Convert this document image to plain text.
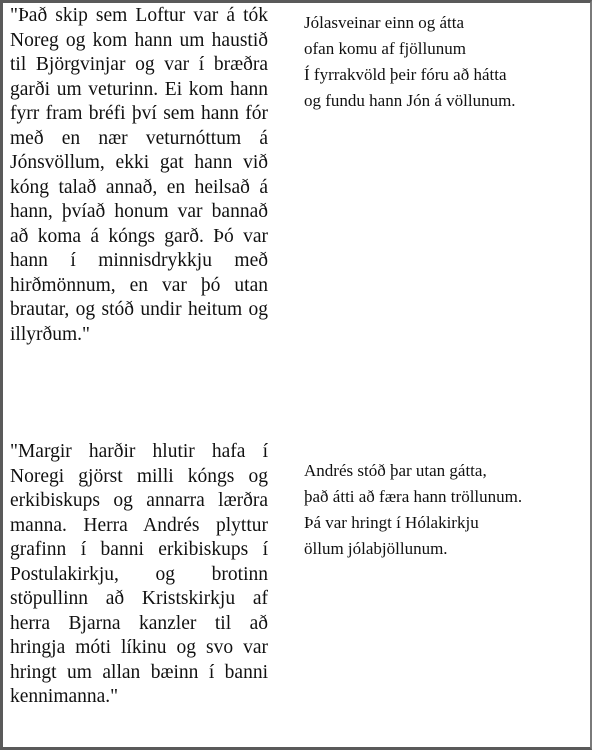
"Það skip sem Loftur var á tók Noreg og kom hann um haustið til Björgvinjar og var í bræðra garði um veturinn. Ei kom hann fyrr fram bréfi því sem hann fór með en nær veturnóttum á Jónsvöllum, ekki gat hann við kóng talað annað, en heilsað á hann, þvíað honum var bannað að koma á kóngs garð. Þó var hann í minnisdrykkju með hirðmönnum, en var þó utan brautar, og stóð undir heitum og illyrðum."
Jólasveinar einn og átta
ofan komu af fjöllunum
Í fyrrakvöld þeir fóru að hátta
og fundu hann Jón á völlunum.
"Margir harðir hlutir hafa í Noregi gjörst milli kóngs og erkibiskups og annarra lærðra manna. Herra Andrés plyttur grafinn í banni erkibiskups í Postulakirkju, og brotinn stöpullinn að Kristskirkju af herra Bjarna kanzler til að hringja móti líkinu og svo var hringt um allan bæinn í banni kennimanna."
Andrés stóð þar utan gátta,
það átti að færa hann tröllunum.
Þá var hringt í Hólakirkju
öllum jólabjöllunum.
